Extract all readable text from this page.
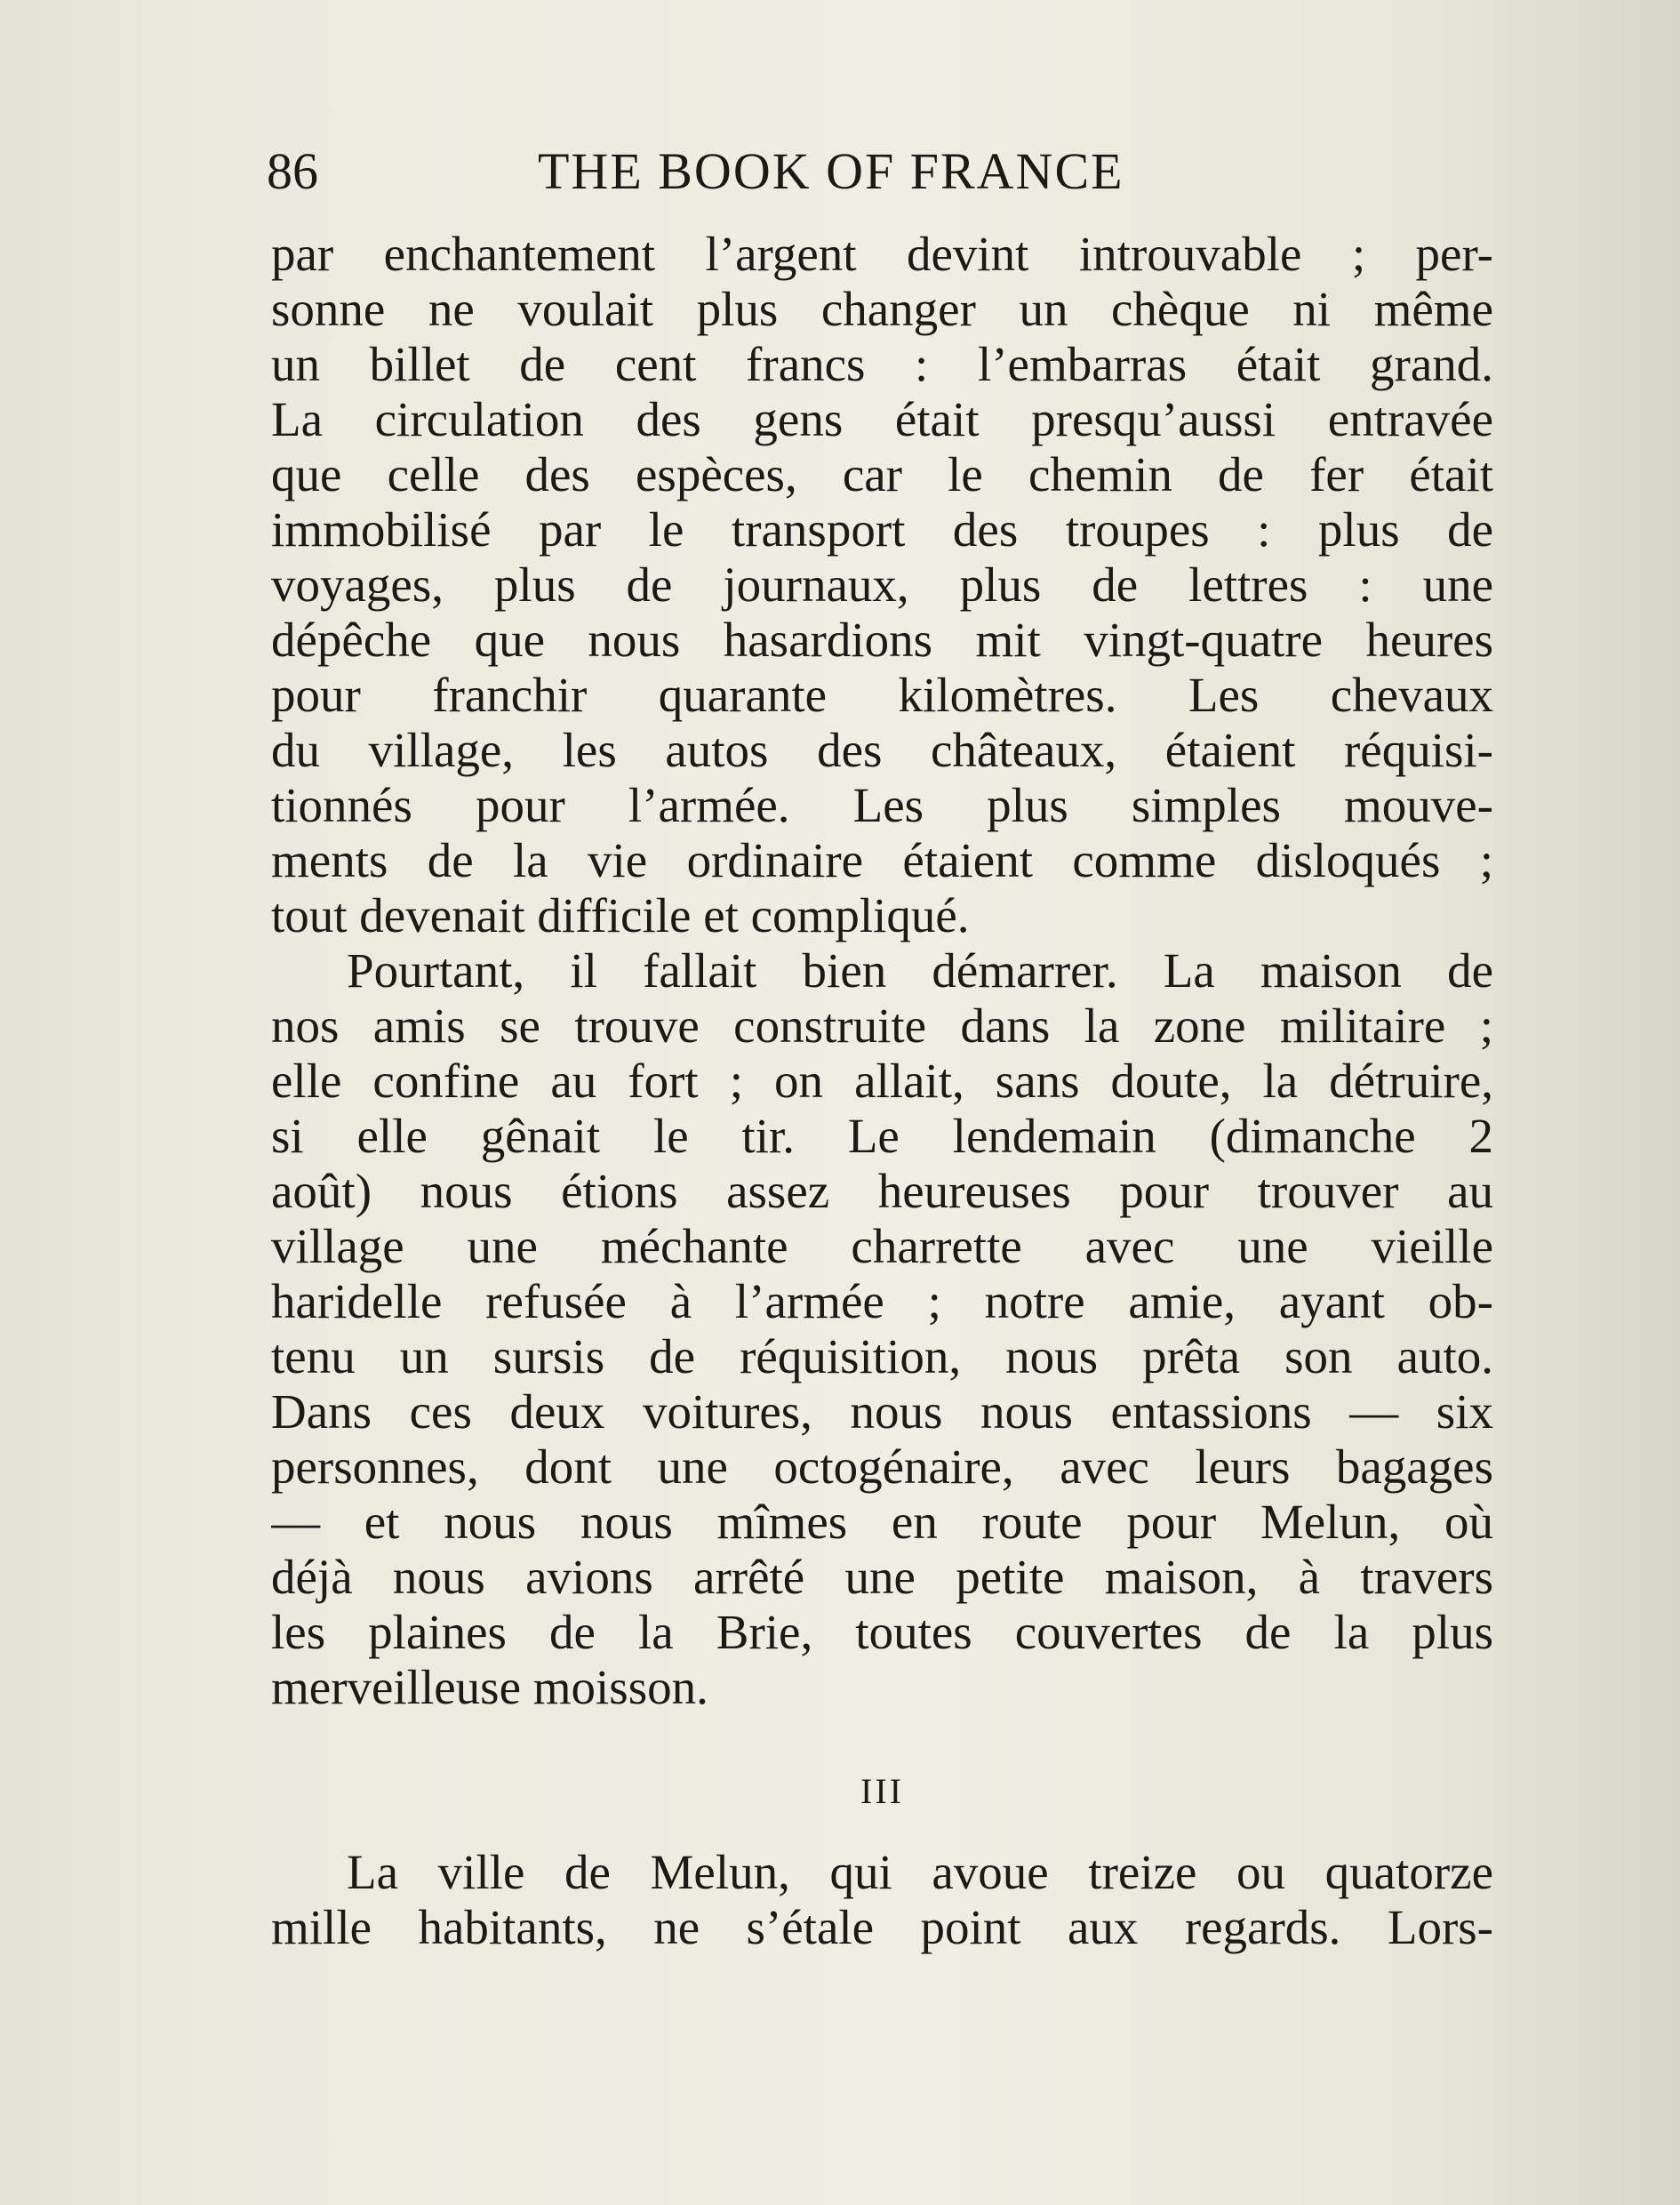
86	THE BOOK OF FRANCE
par enchantement l’argent devint introuvable ; per-
sonne ne voulait plus changer un chèque ni même
un billet de cent francs : l’embarras était grand.
La circulation des gens était presqu’aussi entravée
que celle des espèces, car le chemin de fer était
immobilisé par le transport des troupes : plus de
voyages, plus de journaux, plus de lettres : une
dépêche que nous hasardions mit vingt-quatre heures
pour franchir quarante kilomètres. Les chevaux
du village, les autos des châteaux, étaient réquisi-
tionnés pour l’armée. Les plus simples mouve-
ments de la vie ordinaire étaient comme disloqués ;
tout devenait difficile et compliqué.
Pourtant, il fallait bien démarrer. La maison de
nos amis se trouve construite dans la zone militaire ;
elle confine au fort ; on allait, sans doute, la détruire,
si elle gênait le tir. Le lendemain (dimanche 2
août) nous étions assez heureuses pour trouver au
village une méchante charrette avec une vieille
haridelle refusée à l’armée ; notre amie, ayant ob-
tenu un sursis de réquisition, nous prêta son auto.
Dans ces deux voitures, nous nous entassions — six
personnes, dont une octogénaire, avec leurs bagages
— et nous nous mîmes en route pour Melun, où
déjà nous avions arrêté une petite maison, à travers
les plaines de la Brie, toutes couvertes de la plus
merveilleuse moisson.
III
La ville de Melun, qui avoue treize ou quatorze
mille habitants, ne s’étale point aux regards. Lors-
